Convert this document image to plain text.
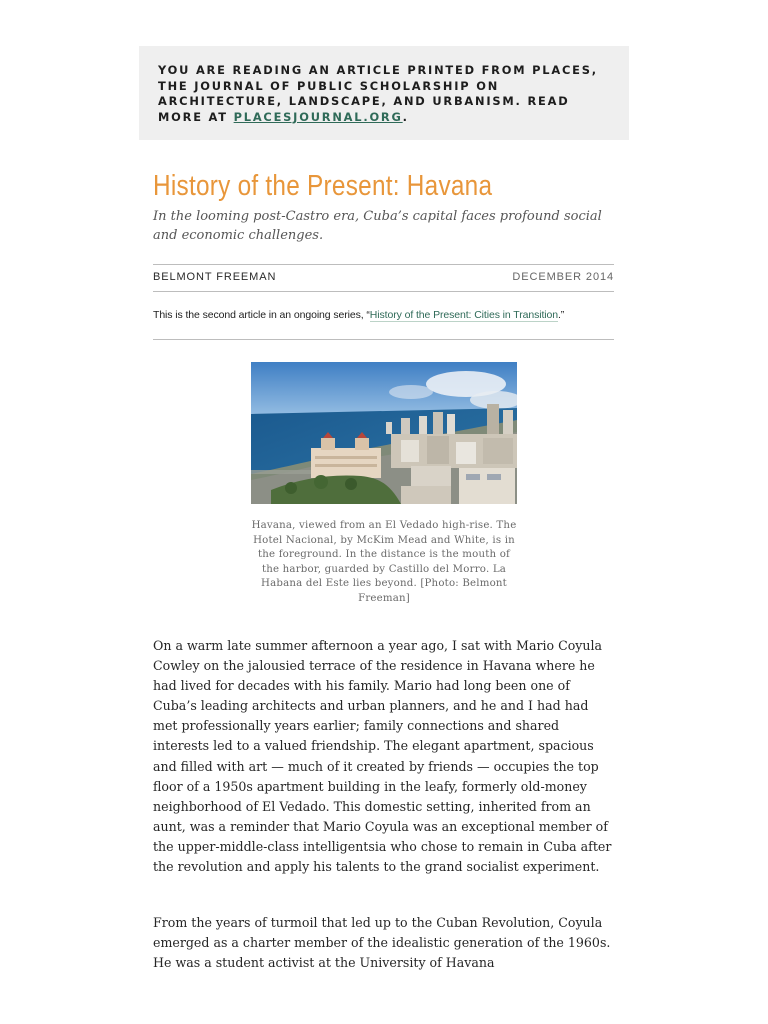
YOU ARE READING AN ARTICLE PRINTED FROM PLACES, THE JOURNAL OF PUBLIC SCHOLARSHIP ON ARCHITECTURE, LANDSCAPE, AND URBANISM. READ MORE AT PLACESJOURNAL.ORG.

History of the Present: Havana

In the looming post-Castro era, Cuba’s capital faces profound social and economic challenges.

BELMONT FREEMAN	DECEMBER 2014

This is the second article in an ongoing series, “History of the Present: Cities in Transition.”

Havana, viewed from an El Vedado high-rise. The Hotel Nacional, by McKim Mead and White, is in the foreground. In the distance is the mouth of the harbor, guarded by Castillo del Morro. La Habana del Este lies beyond. [Photo: Belmont Freeman]

On a warm late summer afternoon a year ago, I sat with Mario Coyula Cowley on the jalousied terrace of the residence in Havana where he had lived for decades with his family. Mario had long been one of Cuba’s leading architects and urban planners, and he and I had had met professionally years earlier; family connections and shared interests led to a valued friendship. The elegant apartment, spacious and filled with art — much of it created by friends — occupies the top floor of a 1950s apartment building in the leafy, formerly old-money neighborhood of El Vedado. This domestic setting, inherited from an aunt, was a reminder that Mario Coyula was an exceptional member of the upper-middle-class intelligentsia who chose to remain in Cuba after the revolution and apply his talents to the grand socialist experiment.

From the years of turmoil that led up to the Cuban Revolution, Coyula emerged as a charter member of the idealistic generation of the 1960s. He was a student activist at the University of Havana
